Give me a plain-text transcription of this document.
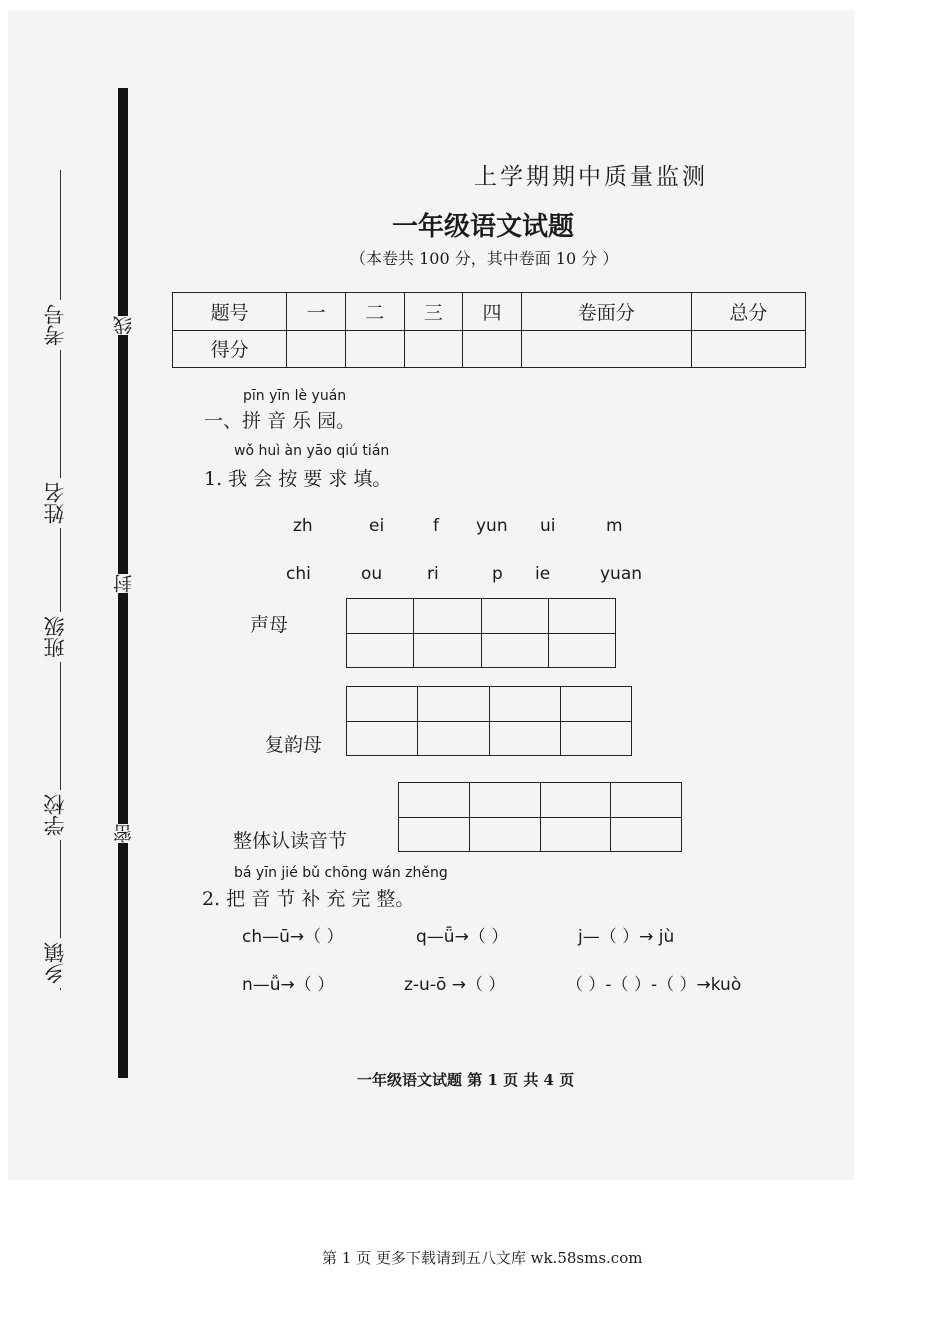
考号
姓名
班级
学校
乡镇
线
封
密
上学期期中质量监测
一年级语文试题
（本卷共 100 分，其中卷面 10 分 ）
题号	一	二	三	四	卷面分	总分
得分						
pīn yīn lè yuán
一、拼 音 乐 园。
wǒ huì àn yāo qiú tián
1. 我 会 按 要 求 填。
zh	ei	f yun ui	m
chi	ou	ri	p ie	yuan
声母

复韵母

整体认读音节

bá yīn jié bǔ chōng wán zhěng
2. 把 音 节 补 充 完 整。
ch—ū→（ ）	q—ǖ→（ ）	j—（ ）→ jù
n—ǚ→（ ）	z-u-ō →（ ）	（ ）-（ ）-（ ）→kuò
一年级语文试题 第 1 页 共 4 页
第 1 页 更多下载请到五八文库 wk.58sms.com
